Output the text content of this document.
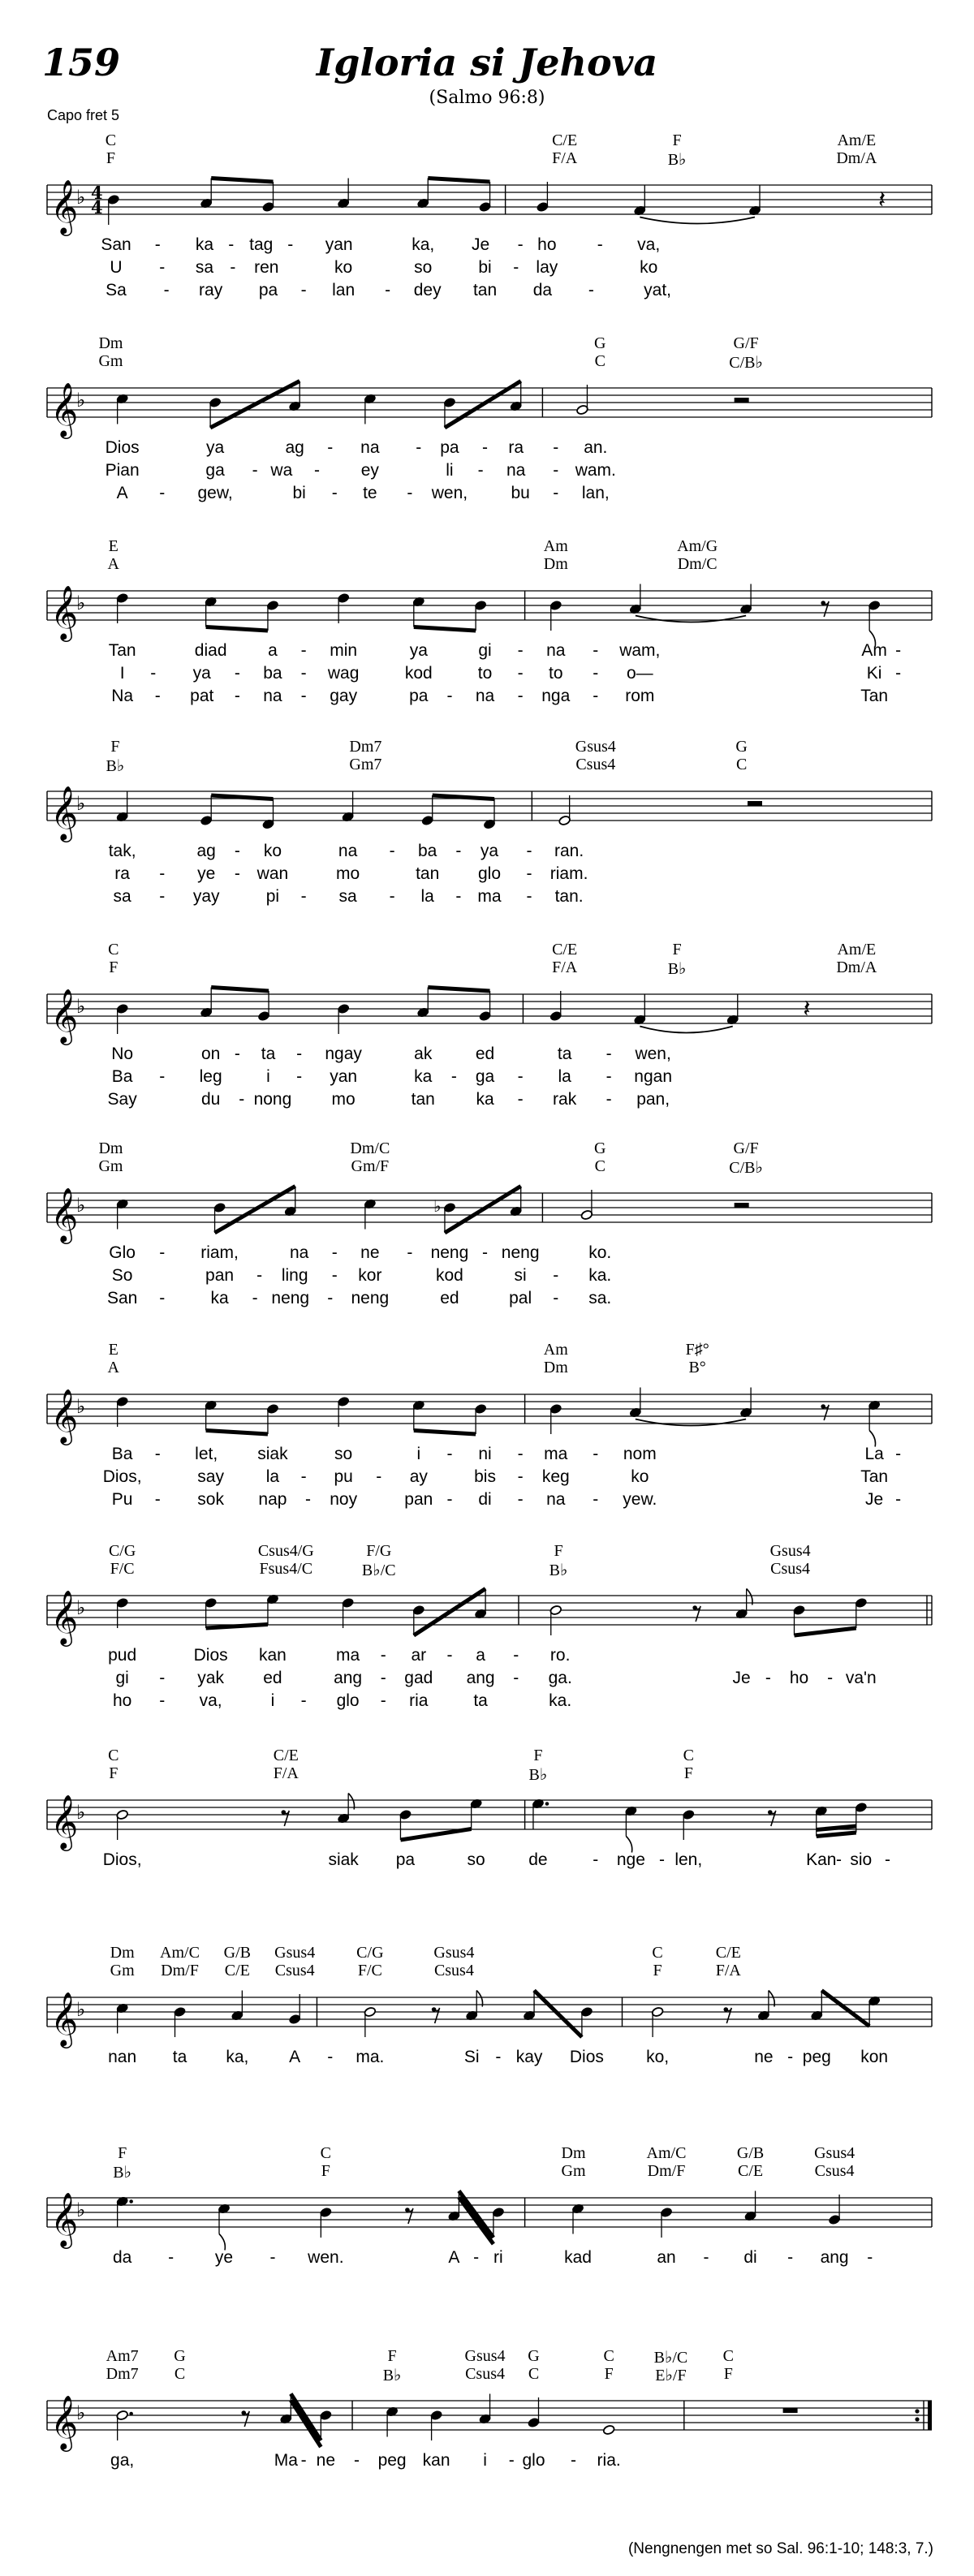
159	Igloria si Jehova
(Salmo 96:8)
Capo fret 5
𝄞
♭ 4
4	𝄽
C
F
C/E
F/A
F
B♭
Am/E
Dm/A
San - ka - tag - yan	ka, Je - ho - va,
U - sa - ren	ko	so	bi - lay	ko
Sa - ray pa - lan - dey tan da -	yat,
𝄞
♭
Dm
Gm
G
C
G/F
C/B♭
Dios	ya	ag - na - pa - ra - an.
Pian	ga - wa - ey	li - na - wam.
A - gew,	bi - te - wen,	bu - lan,
𝄞
♭
E
A
Am
Dm
Am/G
Dm/C
Tan	diad a - min	ya	gi - na - wam,	Am -
I - ya - ba - wag	kod	to - to - o—	Ki -
Na - pat - na - gay	pa - na - nga - rom	Tan
𝄞
♭
F
B♭
Dm7
Gm7
Gsus4
Csus4
G
C
tak,	ag - ko	na - ba - ya - ran.
ra - ye - wan	mo	tan glo - riam.
sa - yay	pi - sa - la - ma - tan.
𝄞
♭	𝄽
C
F
C/E
F/A
F
B♭
Am/E
Dm/A
No	on - ta - ngay	ak	ed	ta - wen,
Ba - leg	i - yan	ka - ga - la - ngan
Say	du - nong mo	tan ka - rak - pan,
𝄞
♭	♭
Dm
Gm
Dm/C
Gm/F
G
C
G/F
C/B♭
Glo - riam,	na - ne - neng - neng	ko.
So	pan - ling - kor	kod	si - ka.
San -	ka - neng - neng	ed	pal - sa.
𝄞
♭
E
A
Am
Dm
F♯°
B°
Ba - let, siak	so	i - ni - ma - nom	La -
Dios,	say la - pu - ay	bis - keg	ko	Tan
Pu - sok nap - noy	pan - di - na - yew.	Je -
𝄞
♭
C/G
F/C
Csus4/G
Fsus4/C
F/G
B♭/C
F
B♭
Gsus4
Csus4
pud	Dios kan	ma - ar - a - ro.
gi - yak ed	ang - gad ang - ga.	Je - ho - va'n
ho - va,	i - glo - ria	ta	ka.
𝄞
♭
C
F
C/E
F/A
F
B♭
C
F
Dios,	siak pa	so	de	- nge - len,	Kan - sio -
𝄞
♭
Dm
Gm
Am/C
Dm/F
G/B
C/E
Gsus4
Csus4
C/G
F/C
Gsus4
Csus4
C
F
C/E
F/A
nan ta ka, A - ma.	Si - kay Dios ko,	ne - peg kon
𝄞
♭
F
B♭
C
F
Dm
Gm
Am/C
Dm/F
G/B
C/E
Gsus4
Csus4
da - ye - wen.	A - ri	kad	an - di - ang -
𝄞
♭
Am7
Dm7
G
C
F
B♭
Gsus4
Csus4
G
C
C
F
B♭/C
E♭/F
C
F
ga,	Ma - ne - peg kan i - glo - ria.
(Nengnengen met so Sal. 96:1-10; 148:3, 7.)
